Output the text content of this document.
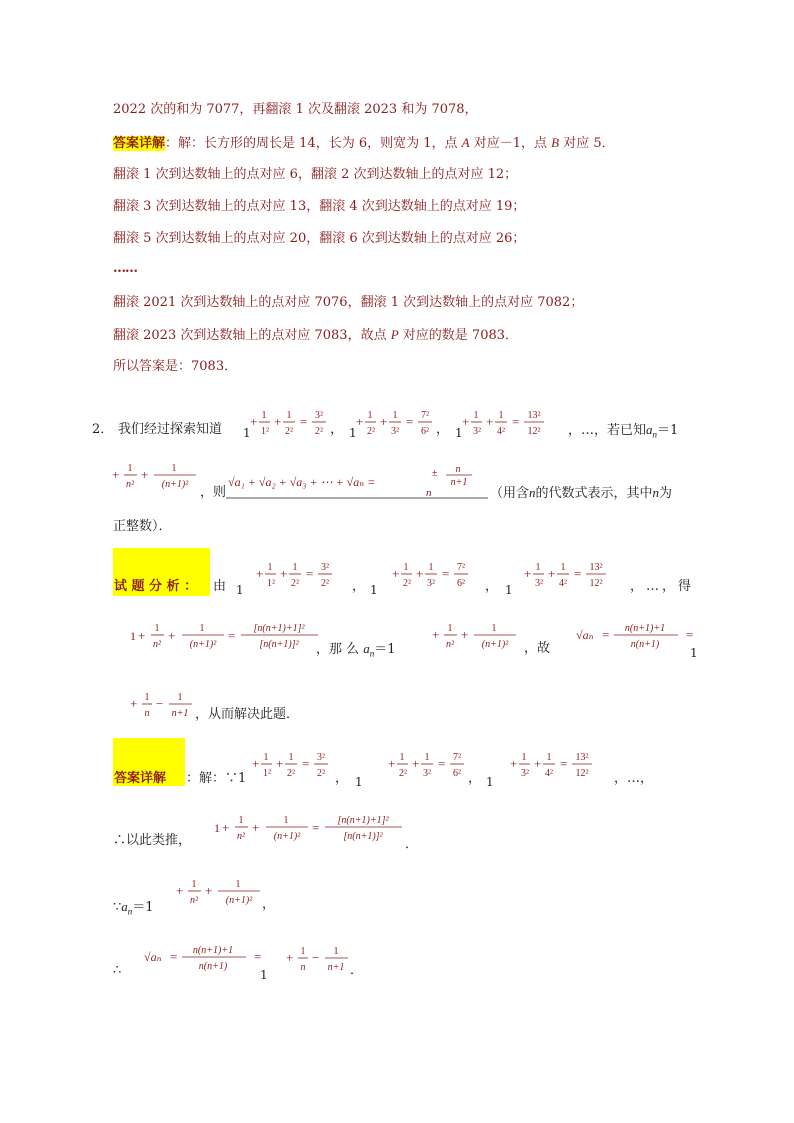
2022 次的和为 7077，再翻滚 1 次及翻滚 2023 和为 7078，
答案详解：解：长方形的周长是 14，长为 6，则宽为 1，点 A 对应－1，点 B 对应 5．
翻滚 1 次到达数轴上的点对应 6，翻滚 2 次到达数轴上的点对应 12；
翻滚 3 次到达数轴上的点对应 13，翻滚 4 次到达数轴上的点对应 19；
翻滚 5 次到达数轴上的点对应 20，翻滚 6 次到达数轴上的点对应 26；
……
翻滚 2021 次到达数轴上的点对应 7076，翻滚 1 次到达数轴上的点对应 7082；
翻滚 2023 次到达数轴上的点对应 7083，故点 P 对应的数是 7083．
所以答案是：7083．
2． 我们经过探索知道 1
+ 1
1²
+ 1
2²
= 3²
2² ， 1
+ 1
2²
+ 1
3²
= 7²
6² ， 1
+ 1
3²
+ 1
4²
= 13²
12² ，…，若已知$a_n=1$
+ 1
n²
+ 1
(n+1)²
，则
√a₁ + √a₂ + √a₃ + ⋯ + √aₙ =
± n
n+1
n	（用含n的代数式表示，其中n为
正整数）．
试 题 分 析 ： 由 1
+ 1
1²
+ 1
2²
= 3²
2² ， 1
+ 1
2²
+ 1
3²
= 7²
6² ， 1
+ 1
3²
+ 1
4²
= 13²
12² ，…，得
1 + 1
n²
+ 1
(n+1)²
= [n(n+1)+1]²
[n(n+1)]² ，那 么 $a_n=1$
+ 1
n²
+ 1
(n+1)² ，故
√aₙ = n(n+1)+1
n(n+1)
=
1
+ 1
n
− 1
n+1 ，从而解决此题．
答案详解 ：解：∵1
+ 1
1²
+ 1
2²
= 3²
2² ， 1
+ 1
2²
+ 1
3²
= 7²
6² ， 1
+ 1
3²
+ 1
4²
= 13²
12² ，…，
∴以此类推，
1 + 1
n²
+ 1
(n+1)²
= [n(n+1)+1]²
[n(n+1)]²
．
$\because a_n=1$
+ 1
n²
+ 1
(n+1)² ，
∴
√aₙ = n(n+1)+1
n(n+1)
=
1
+ 1
n
− 1
n+1 ．
